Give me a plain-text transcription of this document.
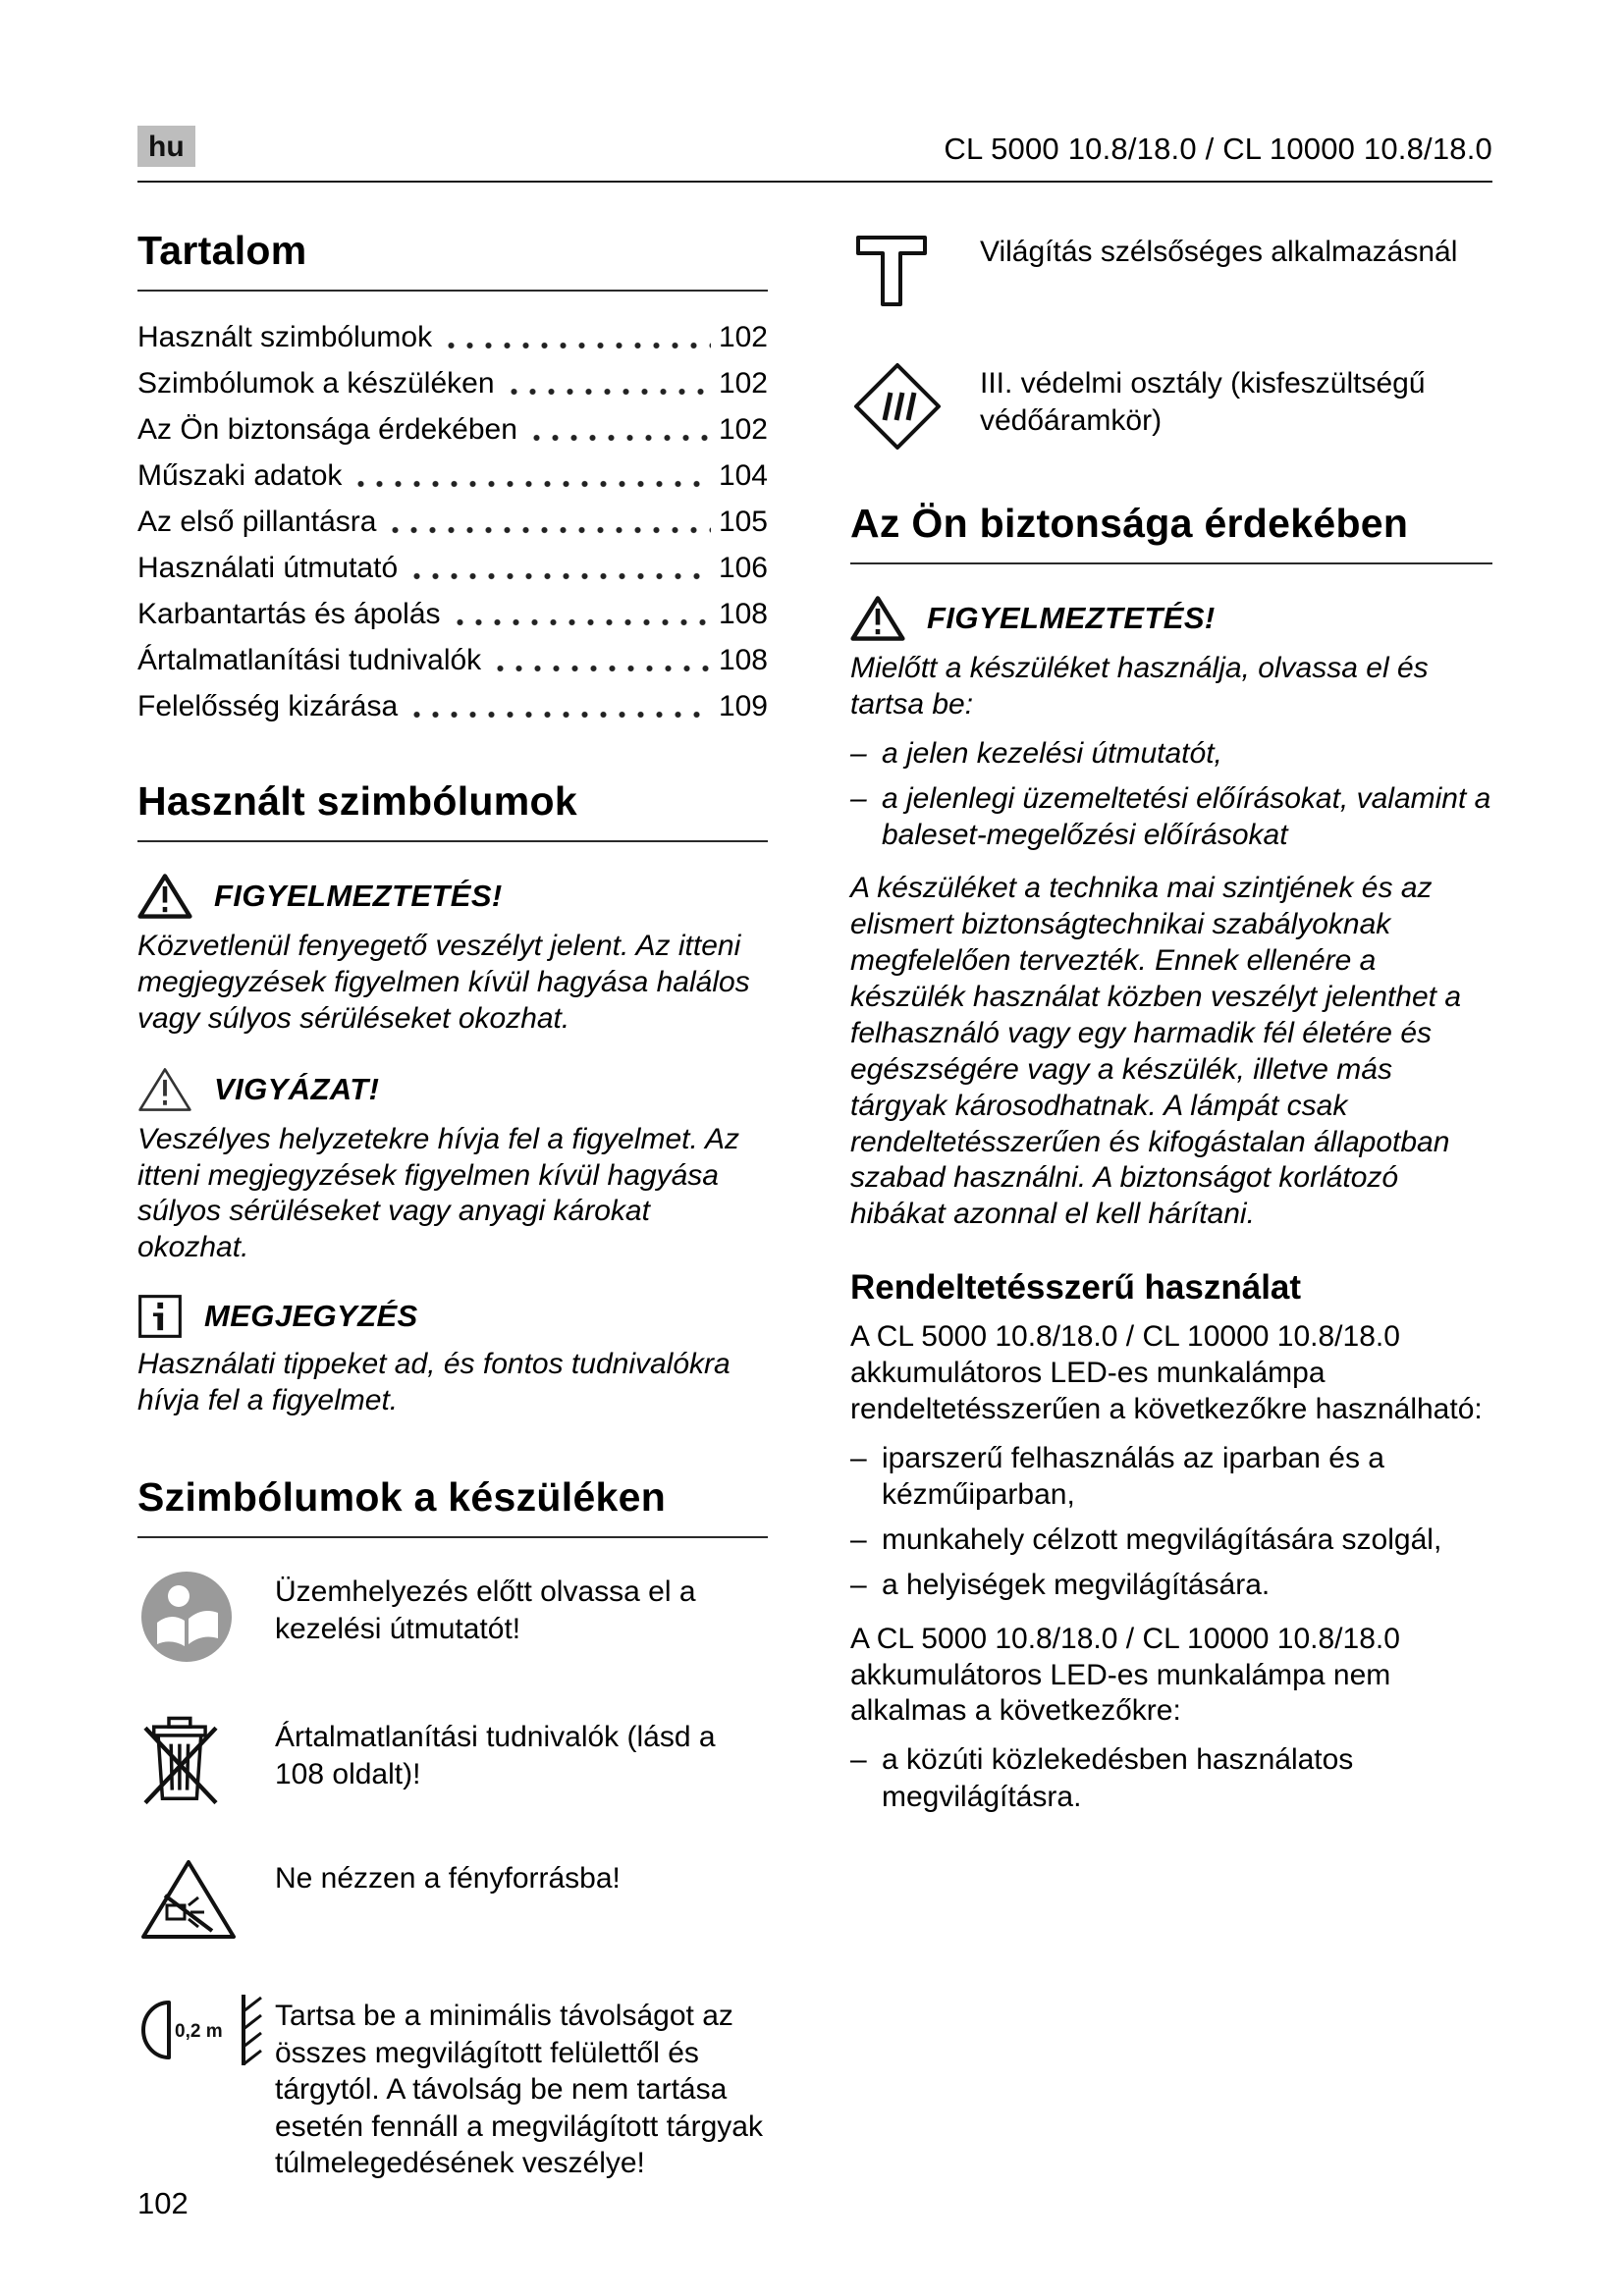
hu	CL 5000 10.8/18.0 / CL 10000 10.8/18.0
Tartalom
Használt szimbólumok	102
Szimbólumok a készüléken	102
Az Ön biztonsága érdekében	102
Műszaki adatok	104
Az első pillantásra	105
Használati útmutató	106
Karbantartás és ápolás	108
Ártalmatlanítási tudnivalók	108
Felelősség kizárása	109
Használt szimbólumok
FIGYELMEZTETÉS!

Közvetlenül fenyegető veszélyt jelent. Az itteni megjegyzések figyelmen kívül hagyása halálos vagy súlyos sérüléseket okozhat.

VIGYÁZAT!

Veszélyes helyzetekre hívja fel a figyelmet. Az itteni megjegyzések figyelmen kívül hagyása súlyos sérüléseket vagy anyagi károkat okozhat.

MEGJEGYZÉS

Használati tippeket ad, és fontos tudnivalókra hívja fel a figyelmet.

Szimbólumok a készüléken

Üzemhelyezés előtt olvassa el a kezelési útmutatót!

Ártalmatlanítási tudnivalók (lásd a 108 oldalt)!

Ne nézzen a fényforrásba!

0,2 m Tartsa be a minimális távolságot az összes megvilágított felülettől és tárgytól. A távolság be nem tartása esetén fennáll a megvilágított tárgyak túlmelegedésének veszélye!

Világítás szélsőséges alkalmazásnál

III. védelmi osztály (kisfeszültségű védőáramkör)

Az Ön biztonsága érdekében
FIGYELMEZTETÉS!

Mielőtt a készüléket használja, olvassa el és tartsa be:

– a jelen kezelési útmutatót,
– a jelenlegi üzemeltetési előírásokat, valamint a baleset-megelőzési előírásokat

A készüléket a technika mai szintjének és az elismert biztonságtechnikai szabályoknak megfelelően tervezték. Ennek ellenére a készülék használat közben veszélyt jelenthet a felhasználó vagy egy harmadik fél életére és egészségére vagy a készülék, illetve más tárgyak károsodhatnak. A lámpát csak rendeltetésszerűen és kifogástalan állapotban szabad használni. A biztonságot korlátozó hibákat azonnal el kell hárítani.

Rendeltetésszerű használat

A CL 5000 10.8/18.0 / CL 10000 10.8/18.0 akkumulátoros LED-es munkalámpa rendeltetésszerűen a következőkre használható:

– iparszerű felhasználás az iparban és a kézműiparban,
– munkahely célzott megvilágítására szolgál,
– a helyiségek megvilágítására.

A CL 5000 10.8/18.0 / CL 10000 10.8/18.0 akkumulátoros LED-es munkalámpa nem alkalmas a következőkre:

– a közúti közlekedésben használatos megvilágításra.
102
